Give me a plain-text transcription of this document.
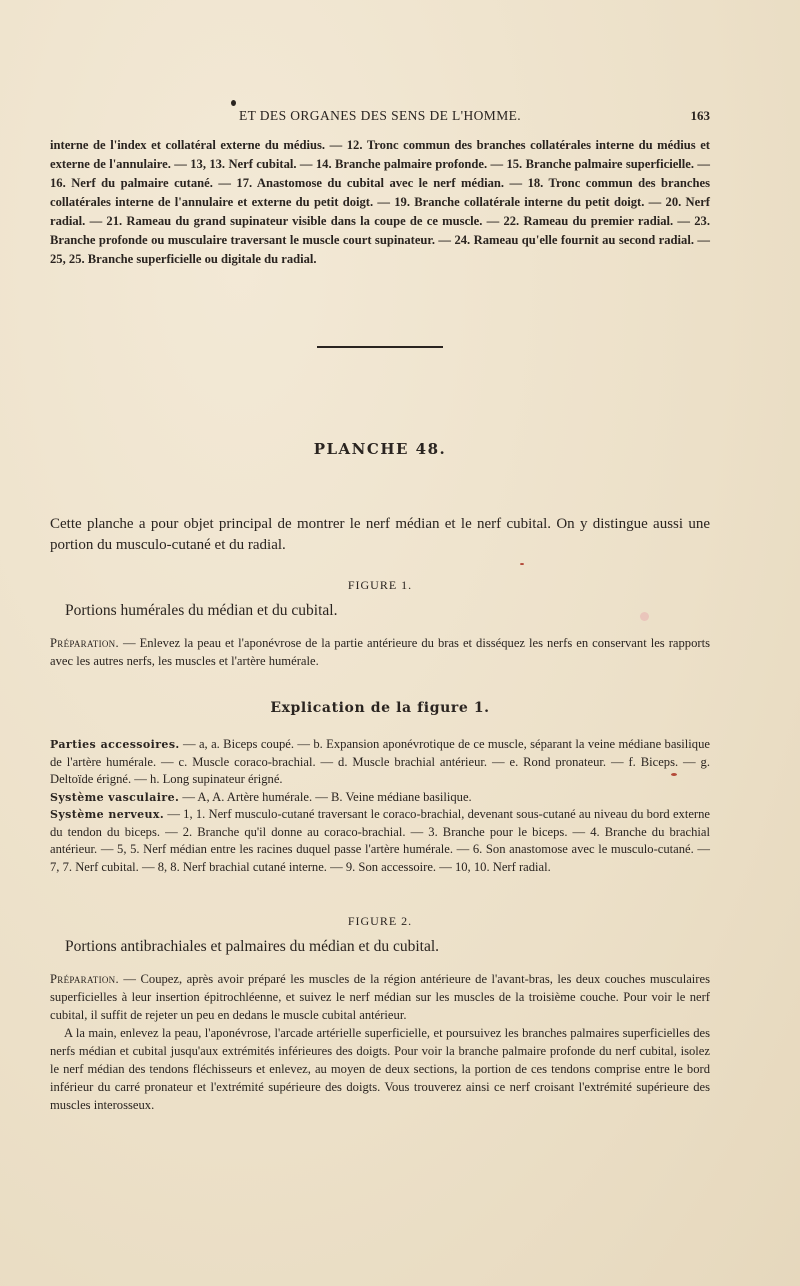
ET DES ORGANES DES SENS DE L'HOMME.	163
interne de l'index et collatéral externe du médius. — 12. Tronc commun des branches collatérales interne du médius et externe de l'annulaire. — 13, 13. Nerf cubital. — 14. Branche palmaire profonde. — 15. Branche palmaire superficielle. — 16. Nerf du palmaire cutané. — 17. Anastomose du cubital avec le nerf médian. — 18. Tronc commun des branches collatérales interne de l'annulaire et externe du petit doigt. — 19. Branche collatérale interne du petit doigt. — 20. Nerf radial. — 21. Rameau du grand supinateur visible dans la coupe de ce muscle. — 22. Rameau du premier radial. — 23. Branche profonde ou musculaire traversant le muscle court supinateur. — 24. Rameau qu'elle fournit au second radial. — 25, 25. Branche superficielle ou digitale du radial.
PLANCHE 48.
Cette planche a pour objet principal de montrer le nerf médian et le nerf cubital. On y distingue aussi une portion du musculo-cutané et du radial.
FIGURE 1.
Portions humérales du médian et du cubital.
Préparation. — Enlevez la peau et l'aponévrose de la partie antérieure du bras et disséquez les nerfs en conservant les rapports avec les autres nerfs, les muscles et l'artère humérale.
Explication de la figure 1.
Parties accessoires. — a, a. Biceps coupé. — b. Expansion aponévrotique de ce muscle, séparant la veine médiane basilique de l'artère humérale. — c. Muscle coraco-brachial. — d. Muscle brachial antérieur. — e. Rond pronateur. — f. Biceps. — g. Deltoïde érigné. — h. Long supinateur érigné.
Système vasculaire. — A, A. Artère humérale. — B. Veine médiane basilique.
Système nerveux. — 1, 1. Nerf musculo-cutané traversant le coraco-brachial, devenant sous-cutané au niveau du bord externe du tendon du biceps. — 2. Branche qu'il donne au coraco-brachial. — 3. Branche pour le biceps. — 4. Branche du brachial antérieur. — 5, 5. Nerf médian entre les racines duquel passe l'artère humérale. — 6. Son anastomose avec le musculo-cutané. — 7, 7. Nerf cubital. — 8, 8. Nerf brachial cutané interne. — 9. Son accessoire. — 10, 10. Nerf radial.
FIGURE 2.
Portions antibrachiales et palmaires du médian et du cubital.
Préparation. — Coupez, après avoir préparé les muscles de la région antérieure de l'avant-bras, les deux couches musculaires superficielles à leur insertion épitrochléenne, et suivez le nerf médian sur les muscles de la troisième couche. Pour voir le nerf cubital, il suffit de rejeter un peu en dedans le muscle cubital antérieur.
A la main, enlevez la peau, l'aponévrose, l'arcade artérielle superficielle, et poursuivez les branches palmaires superficielles des nerfs médian et cubital jusqu'aux extrémités inférieures des doigts. Pour voir la branche palmaire profonde du nerf cubital, isolez le nerf médian des tendons fléchisseurs et enlevez, au moyen de deux sections, la portion de ces tendons comprise entre le bord inférieur du carré pronateur et l'extrémité supérieure des doigts. Vous trouverez ainsi ce nerf croisant l'extrémité supérieure des muscles interosseux.
